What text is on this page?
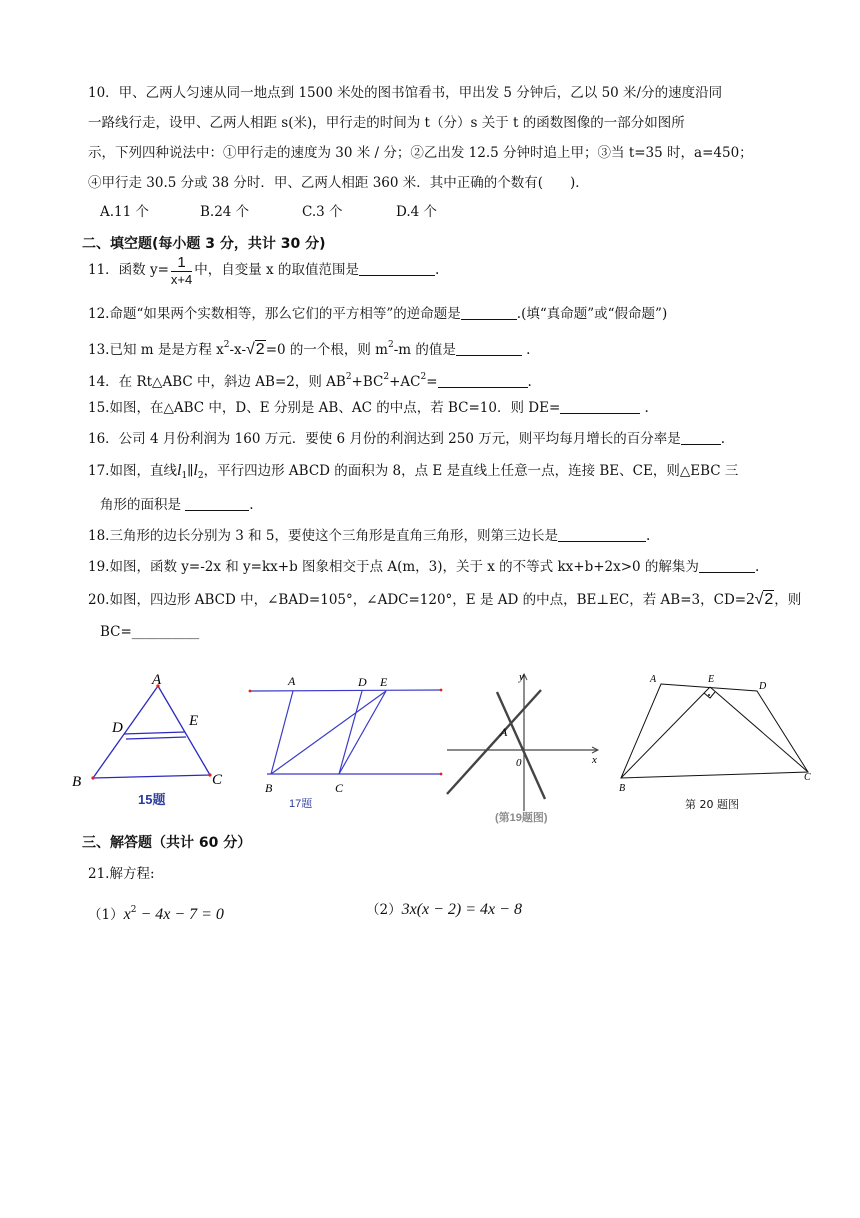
10．甲、乙两人匀速从同一地点到 1500 米处的图书馆看书，甲出发 5 分钟后，乙以 50 米/分的速度沿同
一路线行走，设甲、乙两人相距 s(米)，甲行走的时间为 t（分）s 关于 t 的函数图像的一部分如图所
示，下列四种说法中：①甲行走的速度为 30 米 / 分；②乙出发 12.5 分钟时追上甲；③当 t=35 时，a=450；
④甲行走 30.5 分或 38 分时．甲、乙两人相距 360 米．其中正确的个数有(　　)．
A.11 个	B.24 个	C.3 个	D.4 个
二、填空题(每小题 3 分，共计 30 分)
11．函数 $y= \frac{1}{x+4}$ 中，自变量 x 的取值范围是	.
12.命题“如果两个实数相等，那么它们的平方相等”的逆命题是	.(填“真命题”或“假命题”)
13.已知 m 是是方程 $x^2-x-√2=0$ 的一个根，则 $m^2-m$ 的值是	.
14．在 Rt△ABC 中，斜边 AB=2，则 $AB^2+BC^2+AC^2=$	.
15.如图，在△ABC 中，D、E 分别是 AB、AC 的中点，若 BC=10．则 DE=	.
16．公司 4 月份利润为 160 万元．要使 6 月份的利润达到 250 万元，则平均每月增长的百分率是	.
17.如图，直线$l_1\parallel l_2$，平行四边形 ABCD 的面积为 8，点 E 是直线上任意一点，连接 BE、CE，则△EBC 三
角形的面积是	.
18.三角形的边长分别为 3 和 5，要使这个三角形是直角三角形，则第三边长是	.
19.如图，函数 y=-2x 和 y=kx+b 图象相交于点 A(m，3)，关于 x 的不等式 kx+b+2x>0 的解集为	.
20.如图，四边形 ABCD 中，∠BAD=105°，∠ADC=120°，E 是 AD 的中点，BE⊥EC，若 AB=3，CD=2√2，则
BC=__________
A
D	E
B	C
15题
A	D E
B	C
17题
y
x
A
0
(第19题图)
A	E
D
B
C
第 20 题图
三、解答题（共计 60 分）
21.解方程:
$(1)x^2 - 4x - 7 = 0$	（2）3x(x − 2) = 4x − 8
